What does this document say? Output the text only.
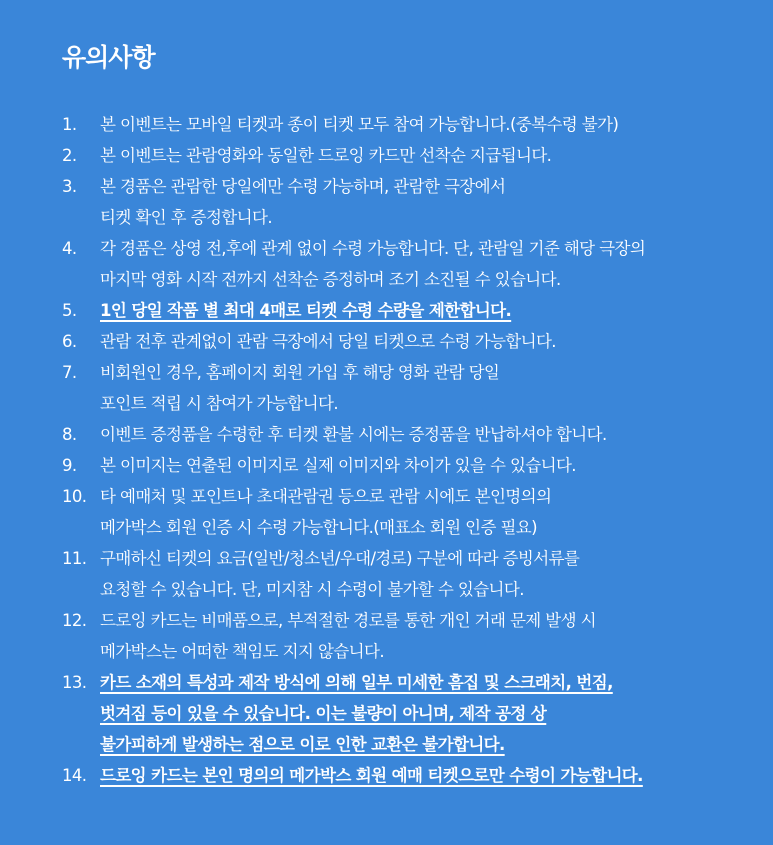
유의사항
1.	본 이벤트는 모바일 티켓과 종이 티켓 모두 참여 가능합니다.(중복수령 불가)
2.	본 이벤트는 관람영화와 동일한 드로잉 카드만 선착순 지급됩니다.
3.	본 경품은 관람한 당일에만 수령 가능하며, 관람한 극장에서
티켓 확인 후 증정합니다.
4.	각 경품은 상영 전,후에 관계 없이 수령 가능합니다. 단, 관람일 기준 해당 극장의
마지막 영화 시작 전까지 선착순 증정하며 조기 소진될 수 있습니다.
5.	1인 당일 작품 별 최대 4매로 티켓 수령 수량을 제한합니다.
6.	관람 전후 관계없이 관람 극장에서 당일 티켓으로 수령 가능합니다.
7.	비회원인 경우, 홈페이지 회원 가입 후 해당 영화 관람 당일
포인트 적립 시 참여가 가능합니다.
8.	이벤트 증정품을 수령한 후 티켓 환불 시에는 증정품을 반납하셔야 합니다.
9.	본 이미지는 연출된 이미지로 실제 이미지와 차이가 있을 수 있습니다.
10. 타 예매처 및 포인트나 초대관람권 등으로 관람 시에도 본인명의의
메가박스 회원 인증 시 수령 가능합니다.(매표소 회원 인증 필요)
11. 구매하신 티켓의 요금(일반/청소년/우대/경로) 구분에 따라 증빙서류를
요청할 수 있습니다. 단, 미지참 시 수령이 불가할 수 있습니다.
12. 드로잉 카드는 비매품으로, 부적절한 경로를 통한 개인 거래 문제 발생 시
메가박스는 어떠한 책임도 지지 않습니다.
13. 카드 소재의 특성과 제작 방식에 의해 일부 미세한 흠집 및 스크래치, 번짐,
벗겨짐 등이 있을 수 있습니다. 이는 불량이 아니며, 제작 공정 상
불가피하게 발생하는 점으로 이로 인한 교환은 불가합니다.
14. 드로잉 카드는 본인 명의의 메가박스 회원 예매 티켓으로만 수령이 가능합니다.
